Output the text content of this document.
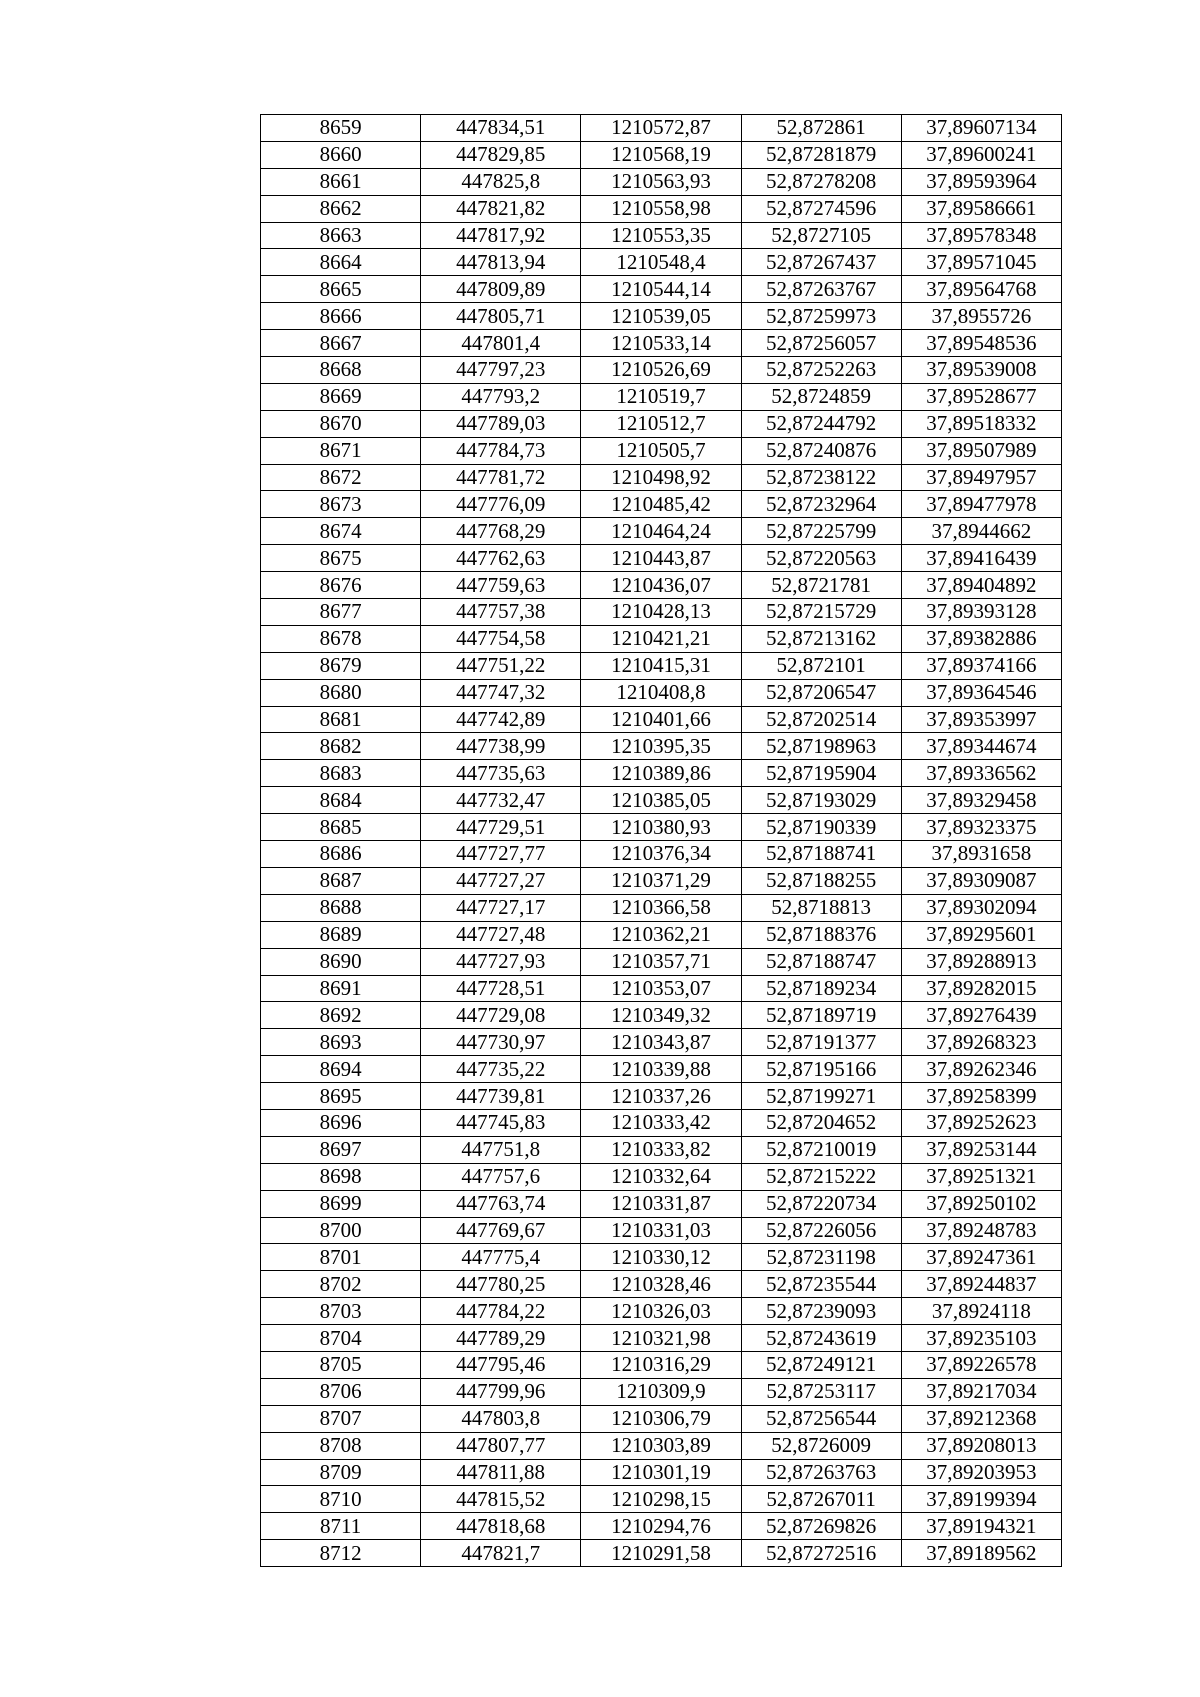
8659	447834,51	1210572,87	52,872861	37,89607134
8660	447829,85	1210568,19	52,87281879	37,89600241
8661	447825,8	1210563,93	52,87278208	37,89593964
8662	447821,82	1210558,98	52,87274596	37,89586661
8663	447817,92	1210553,35	52,8727105	37,89578348
8664	447813,94	1210548,4	52,87267437	37,89571045
8665	447809,89	1210544,14	52,87263767	37,89564768
8666	447805,71	1210539,05	52,87259973	37,8955726
8667	447801,4	1210533,14	52,87256057	37,89548536
8668	447797,23	1210526,69	52,87252263	37,89539008
8669	447793,2	1210519,7	52,8724859	37,89528677
8670	447789,03	1210512,7	52,87244792	37,89518332
8671	447784,73	1210505,7	52,87240876	37,89507989
8672	447781,72	1210498,92	52,87238122	37,89497957
8673	447776,09	1210485,42	52,87232964	37,89477978
8674	447768,29	1210464,24	52,87225799	37,8944662
8675	447762,63	1210443,87	52,87220563	37,89416439
8676	447759,63	1210436,07	52,8721781	37,89404892
8677	447757,38	1210428,13	52,87215729	37,89393128
8678	447754,58	1210421,21	52,87213162	37,89382886
8679	447751,22	1210415,31	52,872101	37,89374166
8680	447747,32	1210408,8	52,87206547	37,89364546
8681	447742,89	1210401,66	52,87202514	37,89353997
8682	447738,99	1210395,35	52,87198963	37,89344674
8683	447735,63	1210389,86	52,87195904	37,89336562
8684	447732,47	1210385,05	52,87193029	37,89329458
8685	447729,51	1210380,93	52,87190339	37,89323375
8686	447727,77	1210376,34	52,87188741	37,8931658
8687	447727,27	1210371,29	52,87188255	37,89309087
8688	447727,17	1210366,58	52,8718813	37,89302094
8689	447727,48	1210362,21	52,87188376	37,89295601
8690	447727,93	1210357,71	52,87188747	37,89288913
8691	447728,51	1210353,07	52,87189234	37,89282015
8692	447729,08	1210349,32	52,87189719	37,89276439
8693	447730,97	1210343,87	52,87191377	37,89268323
8694	447735,22	1210339,88	52,87195166	37,89262346
8695	447739,81	1210337,26	52,87199271	37,89258399
8696	447745,83	1210333,42	52,87204652	37,89252623
8697	447751,8	1210333,82	52,87210019	37,89253144
8698	447757,6	1210332,64	52,87215222	37,89251321
8699	447763,74	1210331,87	52,87220734	37,89250102
8700	447769,67	1210331,03	52,87226056	37,89248783
8701	447775,4	1210330,12	52,87231198	37,89247361
8702	447780,25	1210328,46	52,87235544	37,89244837
8703	447784,22	1210326,03	52,87239093	37,8924118
8704	447789,29	1210321,98	52,87243619	37,89235103
8705	447795,46	1210316,29	52,87249121	37,89226578
8706	447799,96	1210309,9	52,87253117	37,89217034
8707	447803,8	1210306,79	52,87256544	37,89212368
8708	447807,77	1210303,89	52,8726009	37,89208013
8709	447811,88	1210301,19	52,87263763	37,89203953
8710	447815,52	1210298,15	52,87267011	37,89199394
8711	447818,68	1210294,76	52,87269826	37,89194321
8712	447821,7	1210291,58	52,87272516	37,89189562
